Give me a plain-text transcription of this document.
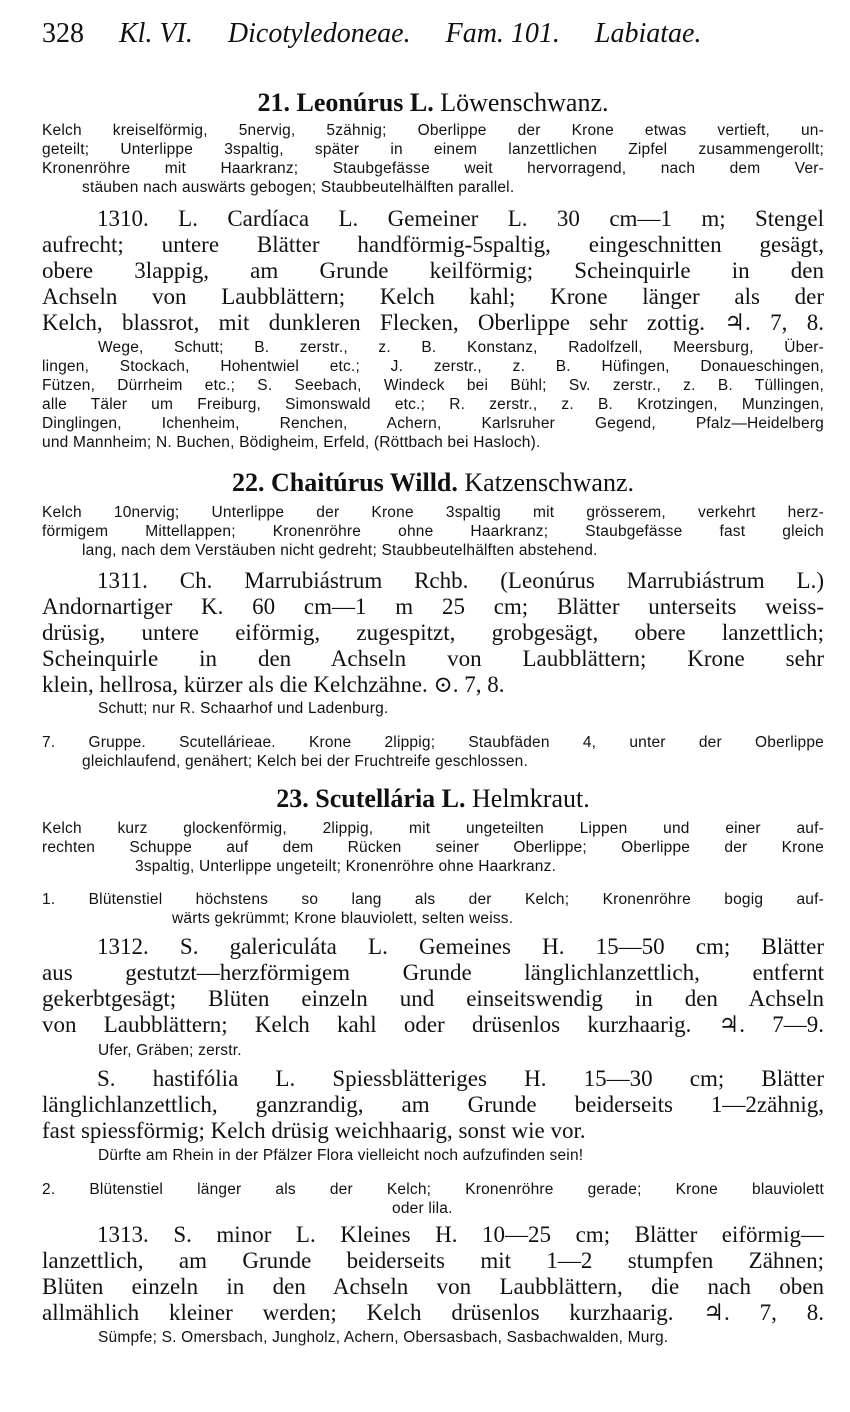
328 Kl. VI. Dicotyledoneae. Fam. 101. Labiatae.
21. Leonúrus L. Löwenschwanz.
Kelch kreiselförmig, 5nervig, 5zähnig; Oberlippe der Krone etwas vertieft, un-
geteilt; Unterlippe 3spaltig, später in einem lanzettlichen Zipfel zusammengerollt;
Kronenröhre mit Haarkranz; Staubgefässe weit hervorragend, nach dem Ver-
stäuben nach auswärts gebogen; Staubbeutelhälften parallel.
1310. L. Cardíaca L. Gemeiner L. 30 cm—1 m; Stengel
aufrecht; untere Blätter handförmig-5spaltig, eingeschnitten gesägt,
obere 3lappig, am Grunde keilförmig; Scheinquirle in den
Achseln von Laubblättern; Kelch kahl; Krone länger als der
Kelch, blassrot, mit dunkleren Flecken, Oberlippe sehr zottig. ♃. 7, 8.
Wege, Schutt; B. zerstr., z. B. Konstanz, Radolfzell, Meersburg, Über-
lingen, Stockach, Hohentwiel etc.; J. zerstr., z. B. Hüfingen, Donaueschingen,
Fützen, Dürrheim etc.; S. Seebach, Windeck bei Bühl; Sv. zerstr., z. B. Tüllingen,
alle Täler um Freiburg, Simonswald etc.; R. zerstr., z. B. Krotzingen, Munzingen,
Dinglingen, Ichenheim, Renchen, Achern, Karlsruher Gegend, Pfalz—Heidelberg
und Mannheim; N. Buchen, Bödigheim, Erfeld, (Röttbach bei Hasloch).
22. Chaitúrus Willd. Katzenschwanz.
Kelch 10nervig; Unterlippe der Krone 3spaltig mit grösserem, verkehrt herz-
förmigem Mittellappen; Kronenröhre ohne Haarkranz; Staubgefässe fast gleich
lang, nach dem Verstäuben nicht gedreht; Staubbeutelhälften abstehend.
1311. Ch. Marrubiástrum Rchb. (Leonúrus Marrubiástrum L.)
Andornartiger K. 60 cm—1 m 25 cm; Blätter unterseits weiss-
drüsig, untere eiförmig, zugespitzt, grobgesägt, obere lanzettlich;
Scheinquirle in den Achseln von Laubblättern; Krone sehr
klein, hellrosa, kürzer als die Kelchzähne. ⊙. 7, 8.
Schutt; nur R. Schaarhof und Ladenburg.
7. Gruppe. Scutellárieae. Krone 2lippig; Staubfäden 4, unter der Oberlippe
gleichlaufend, genähert; Kelch bei der Fruchtreife geschlossen.
23. Scutellária L. Helmkraut.
Kelch kurz glockenförmig, 2lippig, mit ungeteilten Lippen und einer auf-
rechten Schuppe auf dem Rücken seiner Oberlippe; Oberlippe der Krone
3spaltig, Unterlippe ungeteilt; Kronenröhre ohne Haarkranz.
1. Blütenstiel höchstens so lang als der Kelch; Kronenröhre bogig auf-
wärts gekrümmt; Krone blauviolett, selten weiss.
1312. S. galericuláta L. Gemeines H. 15—50 cm; Blätter
aus gestutzt—herzförmigem Grunde länglichlanzettlich, entfernt
gekerbtgesägt; Blüten einzeln und einseitswendig in den Achseln
von Laubblättern; Kelch kahl oder drüsenlos kurzhaarig. ♃. 7—9.
Ufer, Gräben; zerstr.
S. hastifólia L. Spiessblätteriges H. 15—30 cm; Blätter
länglichlanzettlich, ganzrandig, am Grunde beiderseits 1—2zähnig,
fast spiessförmig; Kelch drüsig weichhaarig, sonst wie vor.
Dürfte am Rhein in der Pfälzer Flora vielleicht noch aufzufinden sein!
2. Blütenstiel länger als der Kelch; Kronenröhre gerade; Krone blauviolett
oder lila.
1313. S. minor L. Kleines H. 10—25 cm; Blätter eiförmig—
lanzettlich, am Grunde beiderseits mit 1—2 stumpfen Zähnen;
Blüten einzeln in den Achseln von Laubblättern, die nach oben
allmählich kleiner werden; Kelch drüsenlos kurzhaarig. ♃. 7, 8.
Sümpfe; S. Omersbach, Jungholz, Achern, Obersasbach, Sasbachwalden, Murg.
